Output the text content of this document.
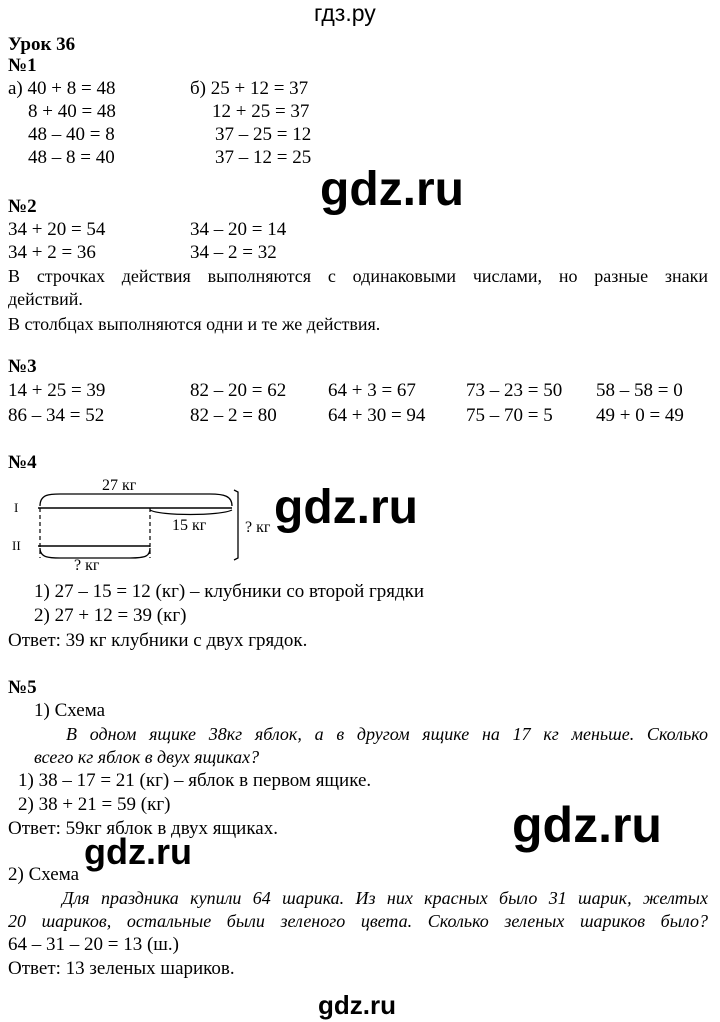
гдз.ру
gdz.ru
gdz.ru
gdz.ru
gdz.ru
gdz.ru
Урок 36
№1
а) 40 + 8 = 48
8 + 40 = 48
48 – 40 = 8
48 – 8 = 40
б) 25 + 12 = 37
12 + 25 = 37
37 – 25 = 12
37 – 12 = 25
№2
34 + 20 = 54	34 – 20 = 14
34 + 2 = 36	34 – 2 = 32
В строчках действия выполняются с одинаковыми числами, но разные знаки
действий.
В столбцах выполняются одни и те же действия.
№3
14 + 25 = 39	82 – 20 = 62 64 + 3 = 67	73 – 23 = 50 58 – 58 = 0
86 – 34 = 52	82 – 2 = 80	64 + 30 = 94 75 – 70 = 5 49 + 0 = 49
№4
I
II
27 кг
15 кг ? кг
? кг
1) 27 – 15 = 12 (кг) – клубники со второй грядки
2) 27 + 12 = 39 (кг)
Ответ: 39 кг клубники с двух грядок.
№5
1) Схема
В одном ящике 38кг яблок, а в другом ящике на 17 кг меньше. Сколько
всего кг яблок в двух ящиках?
1) 38 – 17 = 21 (кг) – яблок в первом ящике.
2) 38 + 21 = 59 (кг)
Ответ: 59кг яблок в двух ящиках.
2) Схема
Для праздника купили 64 шарика. Из них красных было 31 шарик, желтых
20 шариков, остальные были зеленого цвета. Сколько зеленых шариков было?
64 – 31 – 20 = 13 (ш.)
Ответ: 13 зеленых шариков.
